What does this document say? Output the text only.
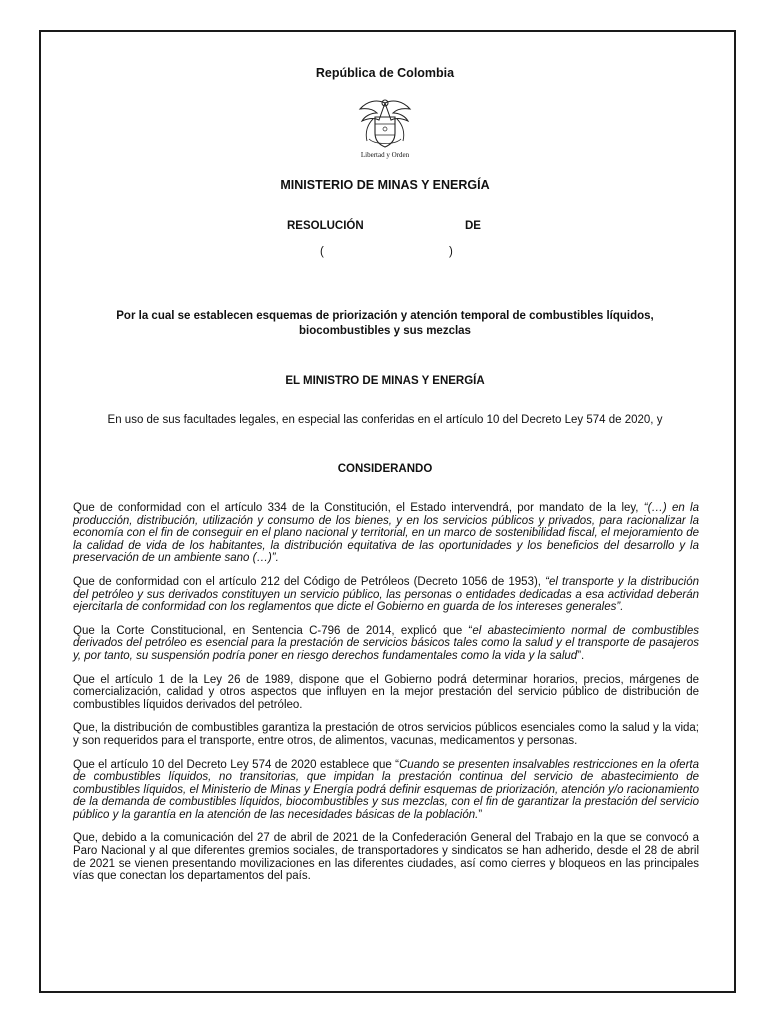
República de Colombia
Libertad y Orden
MINISTERIO DE MINAS Y ENERGÍA
RESOLUCIÓN	DE
(	)
Por la cual se establecen esquemas de priorización y atención temporal de combustibles líquidos, biocombustibles y sus mezclas
EL MINISTRO DE MINAS Y ENERGÍA
En uso de sus facultades legales, en especial las conferidas en el artículo 10 del Decreto Ley 574 de 2020, y
CONSIDERANDO

Que de conformidad con el artículo 334 de la Constitución, el Estado intervendrá, por mandato de la ley, “(…) en la producción, distribución, utilización y consumo de los bienes, y en los servicios públicos y privados, para racionalizar la economía con el fin de conseguir en el plano nacional y territorial, en un marco de sostenibilidad fiscal, el mejoramiento de la calidad de vida de los habitantes, la distribución equitativa de las oportunidades y los beneficios del desarrollo y la preservación de un ambiente sano (…)”.

Que de conformidad con el artículo 212 del Código de Petróleos (Decreto 1056 de 1953), “el transporte y la distribución del petróleo y sus derivados constituyen un servicio público, las personas o entidades dedicadas a esa actividad deberán ejercitarla de conformidad con los reglamentos que dicte el Gobierno en guarda de los intereses generales”.

Que la Corte Constitucional, en Sentencia C-796 de 2014, explicó que “el abastecimiento normal de combustibles derivados del petróleo es esencial para la prestación de servicios básicos tales como la salud y el transporte de pasajeros y, por tanto, su suspensión podría poner en riesgo derechos fundamentales como la vida y la salud”.

Que el artículo 1 de la Ley 26 de 1989, dispone que el Gobierno podrá determinar horarios, precios, márgenes de comercialización, calidad y otros aspectos que influyen en la mejor prestación del servicio público de distribución de combustibles líquidos derivados del petróleo.

Que, la distribución de combustibles garantiza la prestación de otros servicios públicos esenciales como la salud y la vida; y son requeridos para el transporte, entre otros, de alimentos, vacunas, medicamentos y personas.

Que el artículo 10 del Decreto Ley 574 de 2020 establece que “Cuando se presenten insalvables restricciones en la oferta de combustibles líquidos, no transitorias, que impidan la prestación continua del servicio de abastecimiento de combustibles líquidos, el Ministerio de Minas y Energía podrá definir esquemas de priorización, atención y/o racionamiento de la demanda de combustibles líquidos, biocombustibles y sus mezclas, con el fin de garantizar la prestación del servicio público y la garantía en la atención de las necesidades básicas de la población.”

Que, debido a la comunicación del 27 de abril de 2021 de la Confederación General del Trabajo en la que se convocó a Paro Nacional y al que diferentes gremios sociales, de transportadores y sindicatos se han adherido, desde el 28 de abril de 2021 se vienen presentando movilizaciones en las diferentes ciudades, así como cierres y bloqueos en las principales vías que conectan los departamentos del país.
